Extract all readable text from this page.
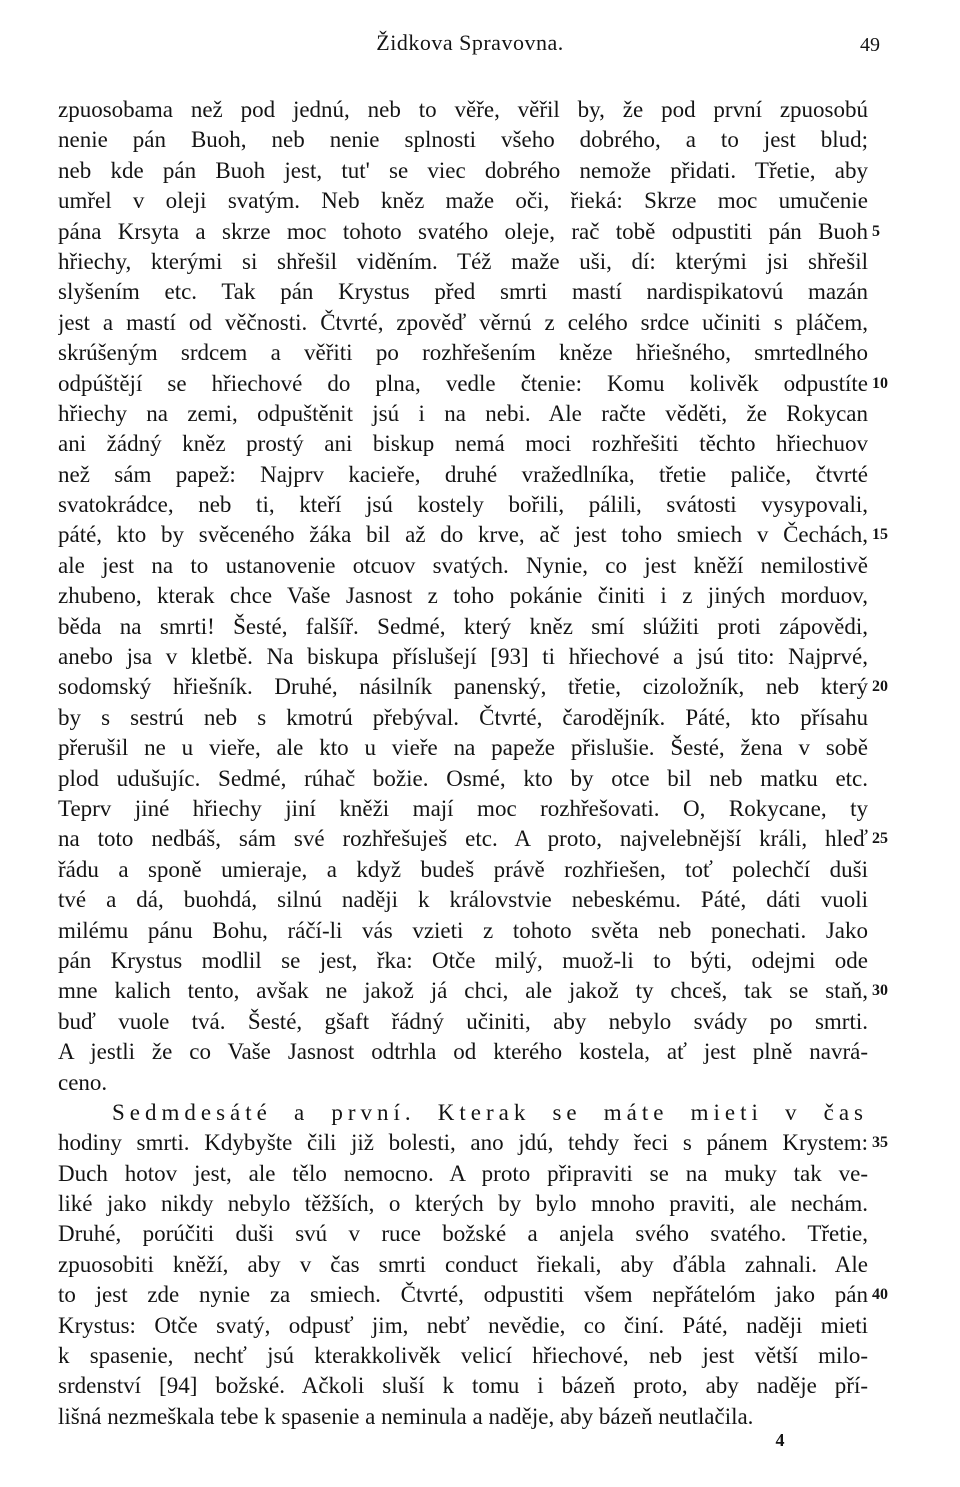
Židkova Spravovna.	49
zpuosobama než pod jednú, neb to věře, věřil by, že pod první zpuosobú
nenie pán Buoh, neb nenie splnosti všeho dobrého, a to jest blud;
neb kde pán Buoh jest, tut' se viec dobrého nemože přidati. Třetie, aby
umřel v oleji svatým. Neb kněz maže oči, řieká: Skrze moc umučenie
pána Krsyta a skrze moc tohoto svatého oleje, rač tobě odpustiti pán Buoh 5
hřiechy, kterými si shřešil viděním. Též maže uši, dí: kterými jsi shřešil
slyšením etc. Tak pán Krystus před smrti mastí nardispikatovú mazán
jest a mastí od věčnosti. Čtvrté, zpověď věrnú z celého srdce učiniti s pláčem,
skrúšeným srdcem a věřiti po rozhřešením kněze hřiešného, smrtedlného
odpúštějí se hřiechové do plna, vedle čtenie: Komu kolivěk odpustíte 10
hřiechy na zemi, odpuštěnit jsú i na nebi. Ale račte věděti, že Rokycan
ani žádný kněz prostý ani biskup nemá moci rozhřešiti těchto hřiechuov
než sám papež: Najprv kacieře, druhé vražedlníka, třetie paliče, čtvrté
svatokrádce, neb ti, kteří jsú kostely bořili, pálili, svátosti vysypovali,
páté, kto by svěceného žáka bil až do krve, ač jest toho smiech v Čechách, 15
ale jest na to ustanovenie otcuov svatých. Nynie, co jest kněží nemilostivě
zhubeno, kterak chce Vaše Jasnost z toho pokánie činiti i z jiných morduov,
běda na smrti! Šesté, falšíř. Sedmé, který kněz smí slúžiti proti zápovědi,
anebo jsa v kletbě. Na biskupa příslušejí [93] ti hřiechové a jsú tito: Najprvé,
sodomský hřiešník. Druhé, násilník panenský, třetie, cizoložník, neb který 20
by s sestrú neb s kmotrú přebýval. Čtvrté, čarodějník. Páté, kto přísahu
přerušil ne u vieře, ale kto u vieře na papeže přislušie. Šesté, žena v sobě
plod udušujíc. Sedmé, rúhač božie. Osmé, kto by otce bil neb matku etc.
Teprv jiné hřiechy jiní kněži mají moc rozhřešovati. O, Rokycane, ty
na toto nedbáš, sám své rozhřešuješ etc. A proto, najvelebnější králi, hleď 25
řádu a sponě umieraje, a když budeš právě rozhřiešen, toť polechčí duši
tvé a dá, buohdá, silnú naději k královstvie nebeskému. Páté, dáti vuoli
milému pánu Bohu, ráčí-li vás vzieti z tohoto světa neb ponechati. Jako
pán Krystus modlil se jest, řka: Otče milý, muož-li to býti, odejmi ode
mne kalich tento, avšak ne jakož já chci, ale jakož ty chceš, tak se staň, 30
buď vuole tvá. Šesté, gšaft řádný učiniti, aby nebylo svády po smrti.
A jestli že co Vaše Jasnost odtrhla od kterého kostela, ať jest plně navrá-
ceno.
Sedmdesáté a první. Kterak se máte mieti v čas
hodiny smrti. Kdybyšte čili již bolesti, ano jdú, tehdy řeci s pánem Krystem: 35
Duch hotov jest, ale tělo nemocno. A proto připraviti se na muky tak ve-
liké jako nikdy nebylo těžších, o kterých by bylo mnoho praviti, ale nechám.
Druhé, porúčiti duši svú v ruce božské a anjela svého svatého. Třetie,
zpuosobiti kněží, aby v čas smrti conduct řiekali, aby ďábla zahnali. Ale
to jest zde nynie za smiech. Čtvrté, odpustiti všem nepřátelóm jako pán 40
Krystus: Otče svatý, odpusť jim, nebť nevědie, co činí. Páté, naději mieti
k spasenie, nechť jsú kterakkolivěk velicí hřiechové, neb jest větší milo-
srdenství [94] božské. Ačkoli sluší k tomu i bázeň proto, aby naděje pří-
lišná nezmeškala tebe k spasenie a neminula a naděje, aby bázeň neutlačila.
4
